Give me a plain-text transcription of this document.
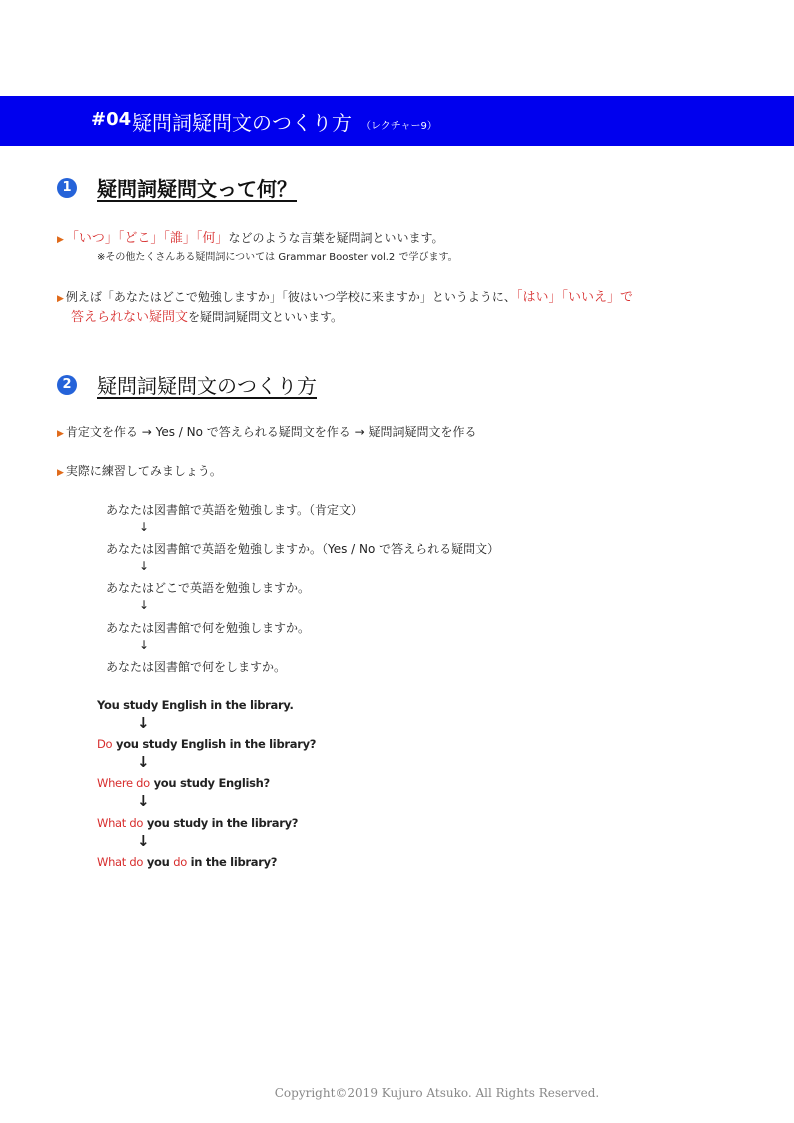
#04 疑問詞疑問文のつくり方 （レクチャー9）
1 疑問詞疑問文って何？
▶ 「いつ」「どこ」「誰」「何」などのような言葉を疑問詞といいます。
※その他たくさんある疑問詞については Grammar Booster vol.2 で学びます。
▶ 例えば「あなたはどこで勉強しますか」「彼はいつ学校に来ますか」というように、「はい」「いいえ」で
答えられない疑問文を疑問詞疑問文といいます。
2 疑問詞疑問文のつくり方
▶ 肯定文を作る → Yes / No で答えられる疑問文を作る → 疑問詞疑問文を作る
▶ 実際に練習してみましょう。
あなたは図書館で英語を勉強します。（肯定文）
↓
あなたは図書館で英語を勉強しますか。（Yes / No で答えられる疑問文）
↓
あなたはどこで英語を勉強しますか。
↓
あなたは図書館で何を勉強しますか。
↓
あなたは図書館で何をしますか。
You study English in the library.
↓
Do you study English in the library?
↓
Where do you study English?
↓
What do you study in the library?
↓
What do you do in the library?
Copyright©2019 Kujuro Atsuko. All Rights Reserved.
